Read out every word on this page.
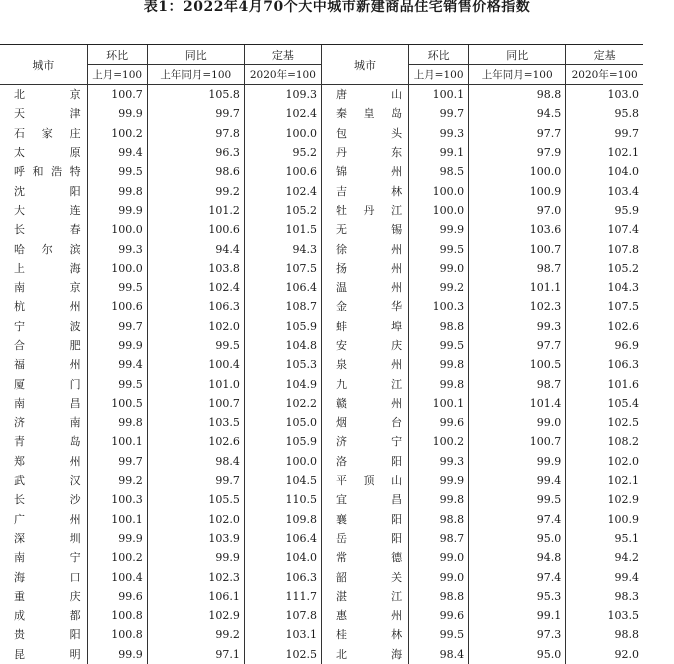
表1：2022年4月70个大中城市新建商品住宅销售价格指数
城市	环比	同比	定基	城市	环比	同比	定基
	上月=100	上年同月=100	2020年=100		上月=100	上年同月=100	2020年=100
北京	100.7	105.8	109.3	唐山	100.1	98.8	103.0
天津	99.9	99.7	102.4	秦皇岛	99.7	94.5	95.8
石家庄	100.2	97.8	100.0	包头	99.3	97.7	99.7
太原	99.4	96.3	95.2	丹东	99.1	97.9	102.1
呼和浩特	99.5	98.6	100.6	锦州	98.5	100.0	104.0
沈阳	99.8	99.2	102.4	吉林	100.0	100.9	103.4
大连	99.9	101.2	105.2	牡丹江	100.0	97.0	95.9
长春	100.0	100.6	101.5	无锡	99.9	103.6	107.4
哈尔滨	99.3	94.4	94.3	徐州	99.5	100.7	107.8
上海	100.0	103.8	107.5	扬州	99.0	98.7	105.2
南京	99.5	102.4	106.4	温州	99.2	101.1	104.3
杭州	100.6	106.3	108.7	金华	100.3	102.3	107.5
宁波	99.7	102.0	105.9	蚌埠	98.8	99.3	102.6
合肥	99.9	99.5	104.8	安庆	99.5	97.7	96.9
福州	99.4	100.4	105.3	泉州	99.8	100.5	106.3
厦门	99.5	101.0	104.9	九江	99.8	98.7	101.6
南昌	100.5	100.7	102.2	赣州	100.1	101.4	105.4
济南	99.8	103.5	105.0	烟台	99.6	99.0	102.5
青岛	100.1	102.6	105.9	济宁	100.2	100.7	108.2
郑州	99.7	98.4	100.0	洛阳	99.3	99.9	102.0
武汉	99.2	99.7	104.5	平顶山	99.9	99.4	102.1
长沙	100.3	105.5	110.5	宜昌	99.8	99.5	102.9
广州	100.1	102.0	109.8	襄阳	98.8	97.4	100.9
深圳	99.9	103.9	106.4	岳阳	98.7	95.0	95.1
南宁	100.2	99.9	104.0	常德	99.0	94.8	94.2
海口	100.4	102.3	106.3	韶关	99.0	97.4	99.4
重庆	99.6	106.1	111.7	湛江	98.8	95.3	98.3
成都	100.8	102.9	107.8	惠州	99.6	99.1	103.5
贵阳	100.8	99.2	103.1	桂林	99.5	97.3	98.8
昆明	99.9	97.1	102.5	北海	98.4	95.0	92.0
